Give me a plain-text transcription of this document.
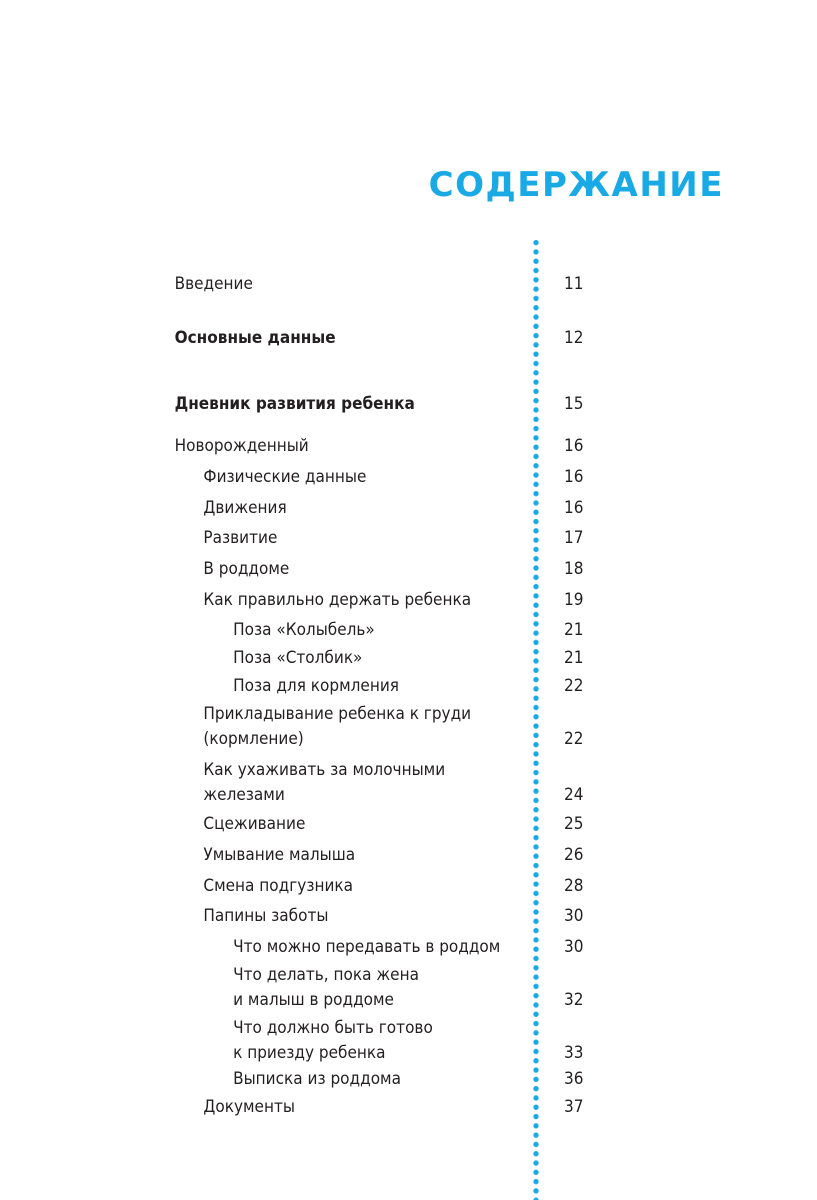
СОДЕРЖАНИЕ
Введение	11
Основные данные	12
Дневник развития ребенка	15
Новорожденный	16
Физические данные	16
Движения	16
Развитие	17
В роддоме	18
Как правильно держать ребенка	19
Поза «Колыбель»	21
Поза «Столбик»	21
Поза для кормления	22
Прикладывание ребенка к груди
(кормление)	22
Как ухаживать за молочными
железами	24
Сцеживание	25
Умывание малыша	26
Смена подгузника	28
Папины заботы	30
Что можно передавать в роддом	30
Что делать, пока жена
и малыш в роддоме	32
Что должно быть готово
к приезду ребенка	33
Выписка из роддома	36
Документы	37
